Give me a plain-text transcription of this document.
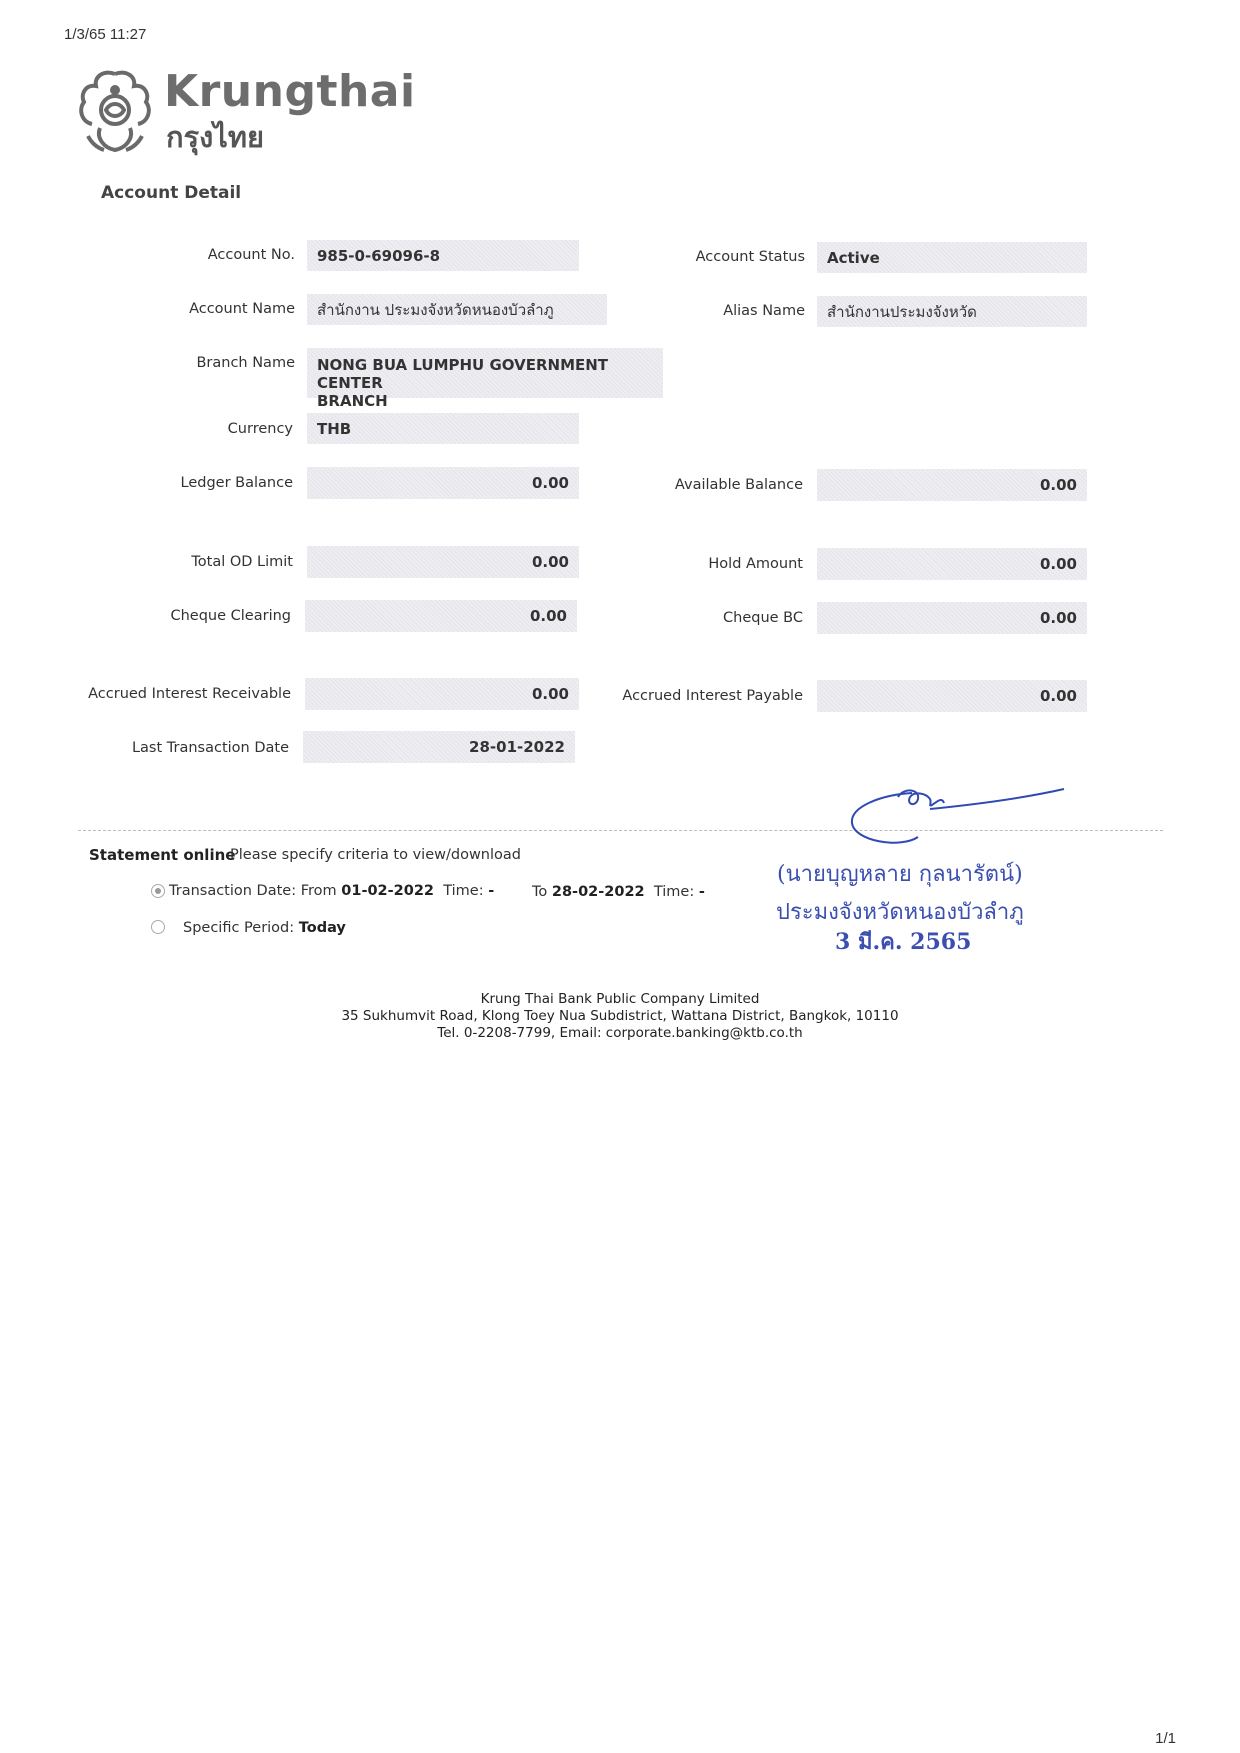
1/3/65 11:27
Krungthai
กรุงไทย
Account Detail
Account No. 985-0-69096-8	Account Status Active
Account Name สำนักงาน ประมงจังหวัดหนองบัวลำภู	Alias Name สำนักงานประมงจังหวัด
Branch Name NONG BUA LUMPHU GOVERNMENT CENTER
BRANCH
Currency THB
Ledger Balance	0.00	Available Balance	0.00
Total OD Limit	0.00	Hold Amount	0.00
Cheque Clearing	0.00	Cheque BC	0.00
Accrued Interest Receivable	0.00	Accrued Interest Payable	0.00
Last Transaction Date	28-01-2022
Statement online
Please specify criteria to view/download
Transaction Date: From 01-02-2022 Time: -	To 28-02-2022 Time: -
Specific Period: Today
(นายบุญหลาย กุลนารัตน์)
ประมงจังหวัดหนองบัวลำภู
3 มี.ค. 2565
Krung Thai Bank Public Company Limited
35 Sukhumvit Road, Klong Toey Nua Subdistrict, Wattana District, Bangkok, 10110
Tel. 0-2208-7799, Email: corporate.banking@ktb.co.th
1/1
